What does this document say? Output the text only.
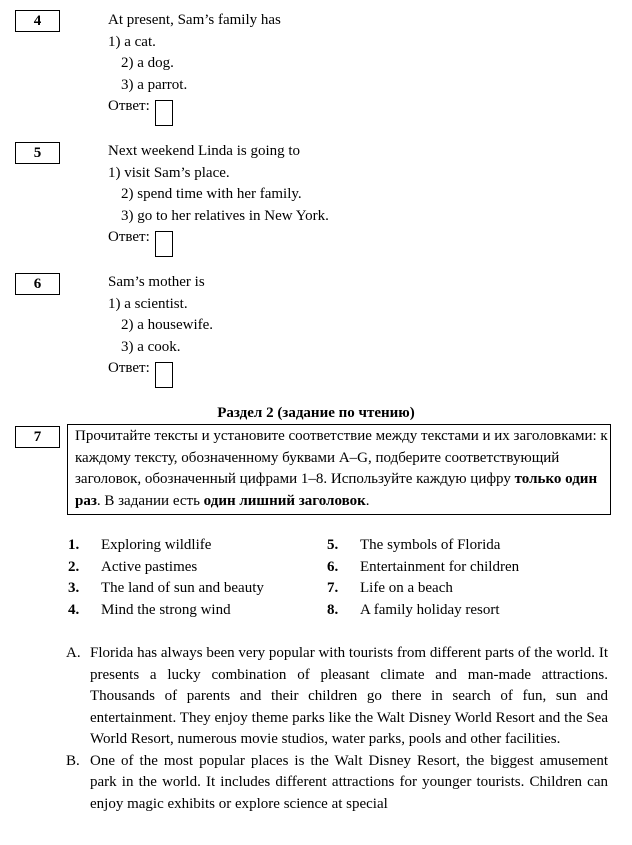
4	At present, Sam’s family has
1) a cat.
2) a dog.
3) a parrot.
Ответ:
5	Next weekend Linda is going to
1) visit Sam’s place.
2) spend time with her family.
3) go to her relatives in New York.
Ответ:
6	Sam’s mother is
1) a scientist.
2) a housewife.
3) a cook.
Ответ:
Раздел 2 (задание по чтению)
7	Прочитайте тексты и установите соответствие между текстами и их заголовками: к каждому тексту, обозначенному буквами A–G, подберите соответствующий заголовок, обозначенный цифрами 1–8. Используйте каждую цифру только один раз. В задании есть один лишний заголовок.
1.	Exploring wildlife	5.	The symbols of Florida
2.	Active pastimes	6.	Entertainment for children
3.	The land of sun and beauty	7.	Life on a beach
4.	Mind the strong wind	8.	A family holiday resort
A. Florida has always been very popular with tourists from different parts of the world. It presents a lucky combination of pleasant climate and man-made attractions. Thousands of parents and their children go there in search of fun, sun and entertainment. They enjoy theme parks like the Walt Disney World Resort and the Sea World Resort, numerous movie studios, water parks, pools and other facilities.
B. One of the most popular places is the Walt Disney Resort, the biggest amusement park in the world. It includes different attractions for younger tourists. Children can enjoy magic exhibits or explore science at special
